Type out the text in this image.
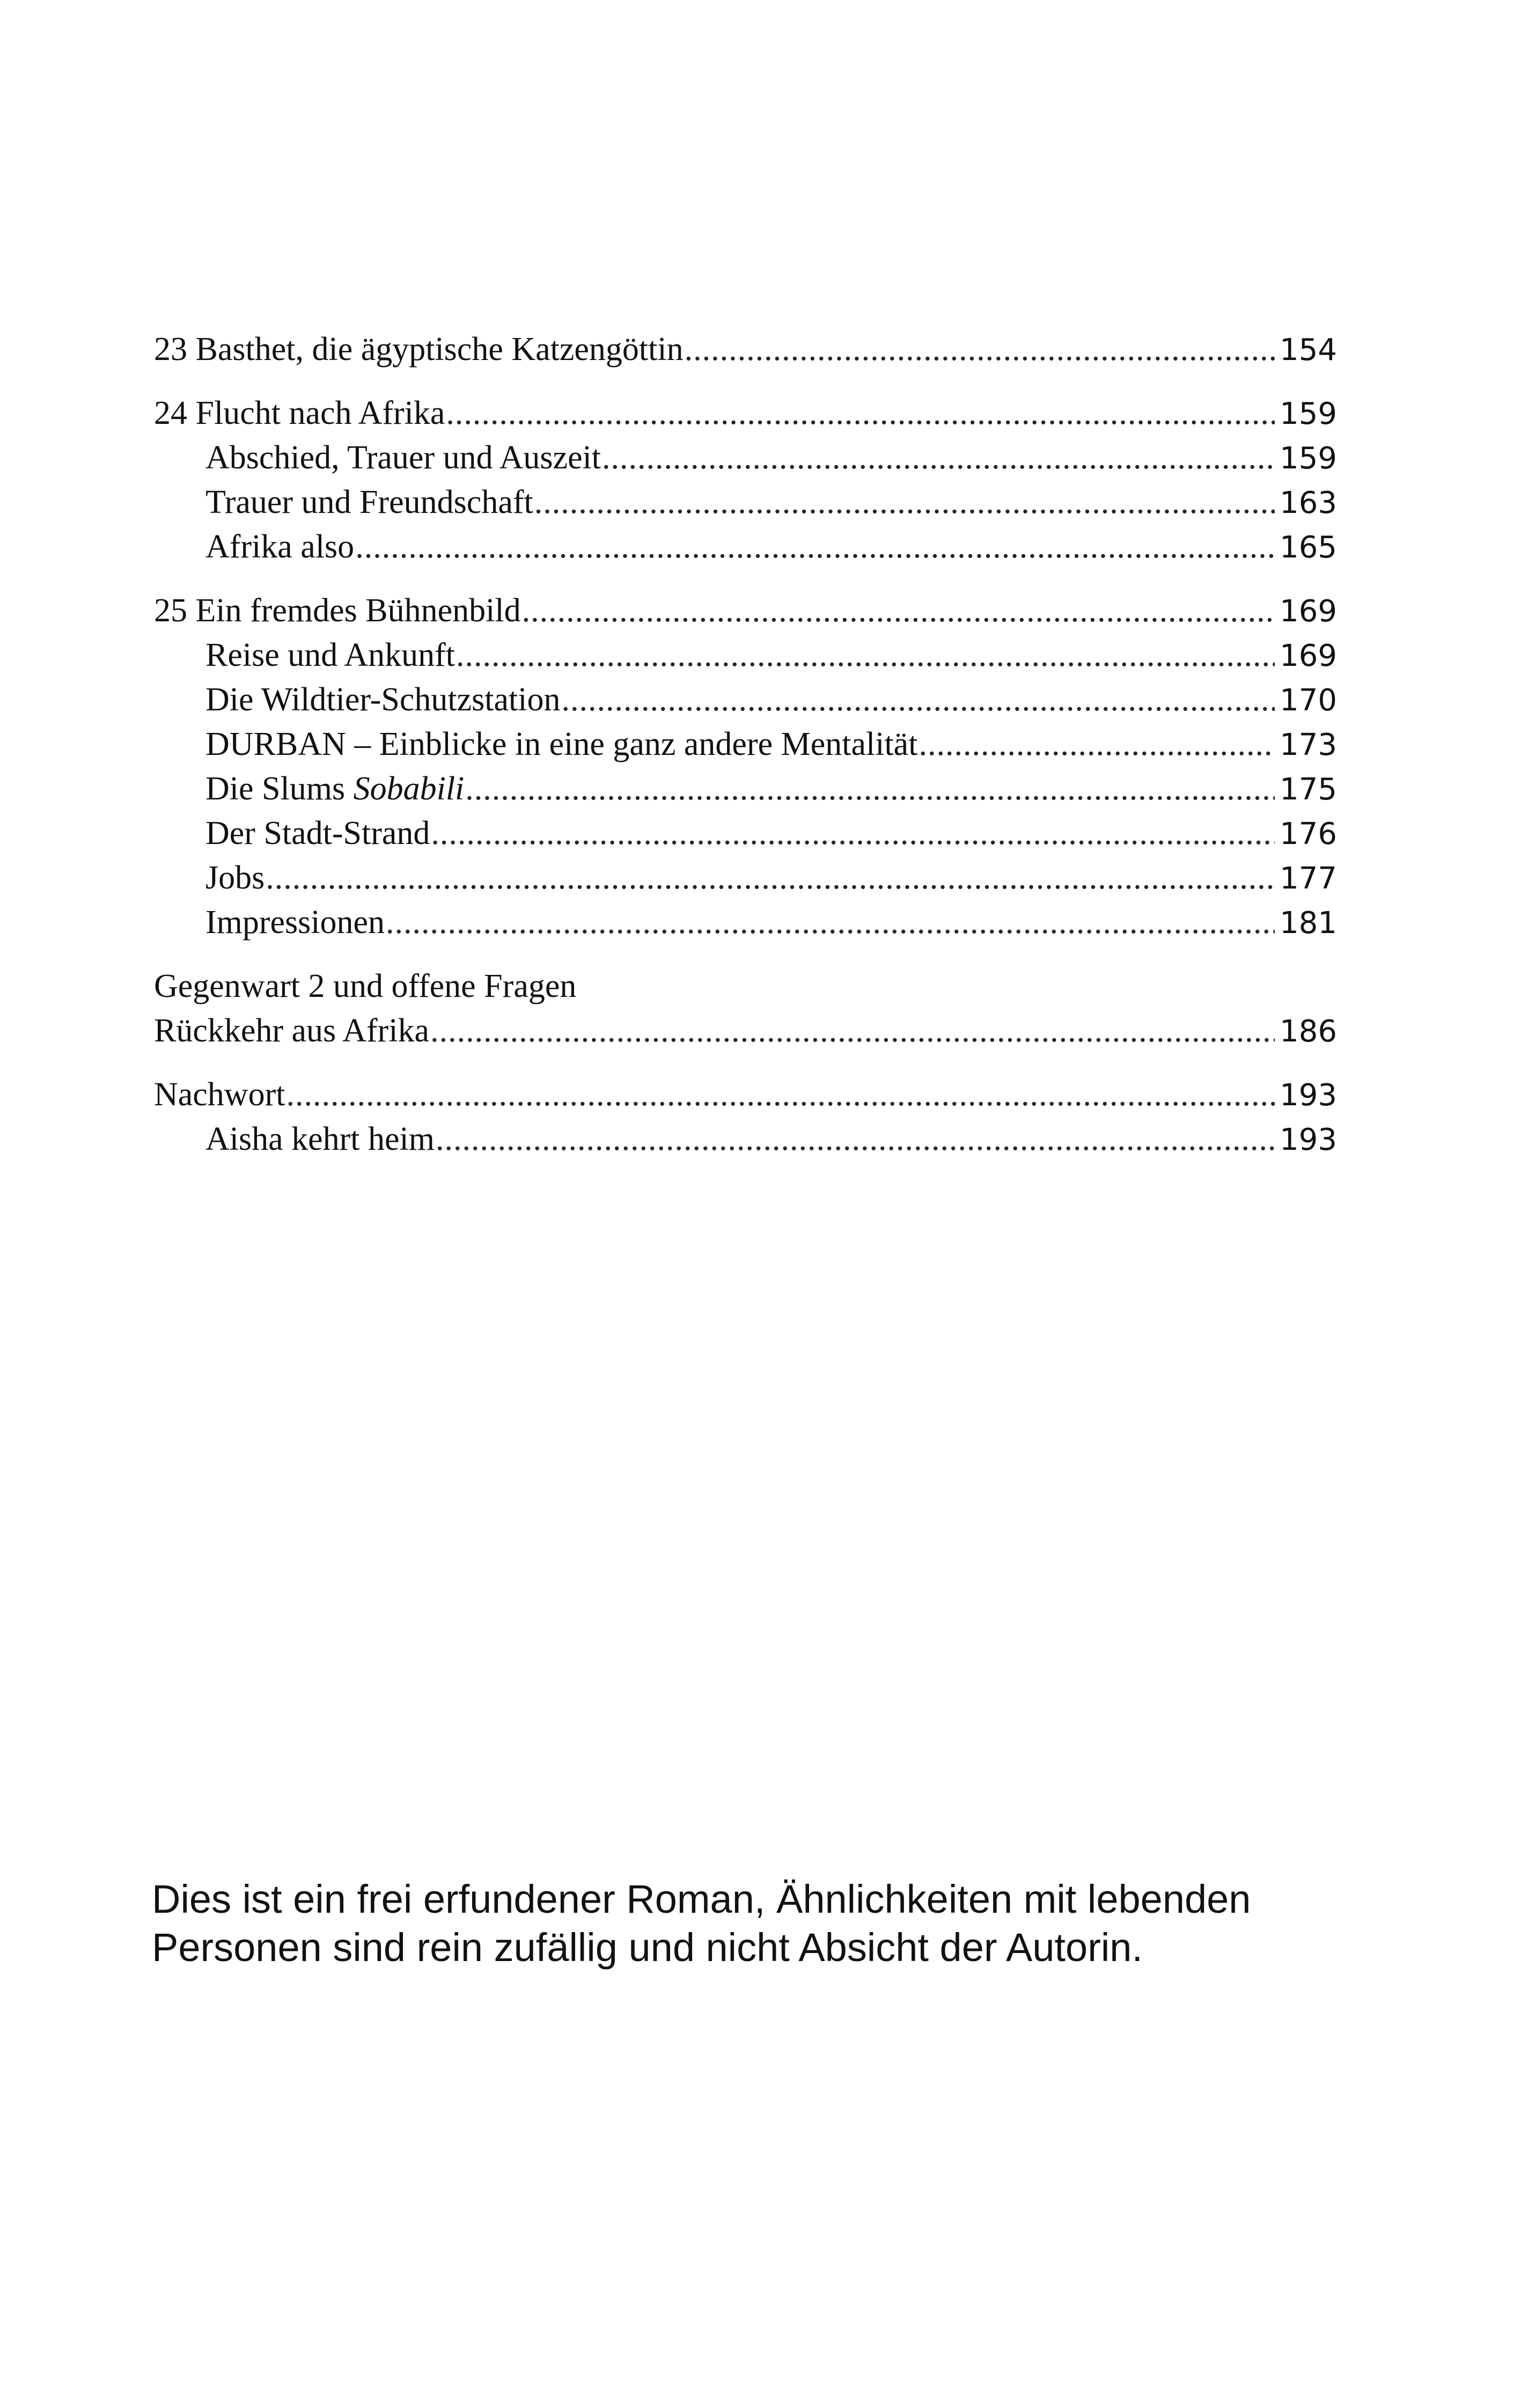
23 Basthet, die ägyptische Katzengöttin .....	154
24 Flucht nach Afrika .....	159
Abschied, Trauer und Auszeit .....	159
Trauer und Freundschaft .....	163
Afrika also .....	165
25 Ein fremdes Bühnenbild .....	169
Reise und Ankunft .....	169
Die Wildtier-Schutzstation .....	170
DURBAN – Einblicke in eine ganz andere Mentalität .....	173
Die Slums Sobabili .....	175
Der Stadt-Strand .....	176
Jobs .....	177
Impressionen .....	181
Gegenwart 2 und offene Fragen
Rückkehr aus Afrika .....	186
Nachwort .....	193
Aisha kehrt heim .....	193

Dies ist ein frei erfundener Roman, Ähnlichkeiten mit lebenden
Personen sind rein zufällig und nicht Absicht der Autorin.
